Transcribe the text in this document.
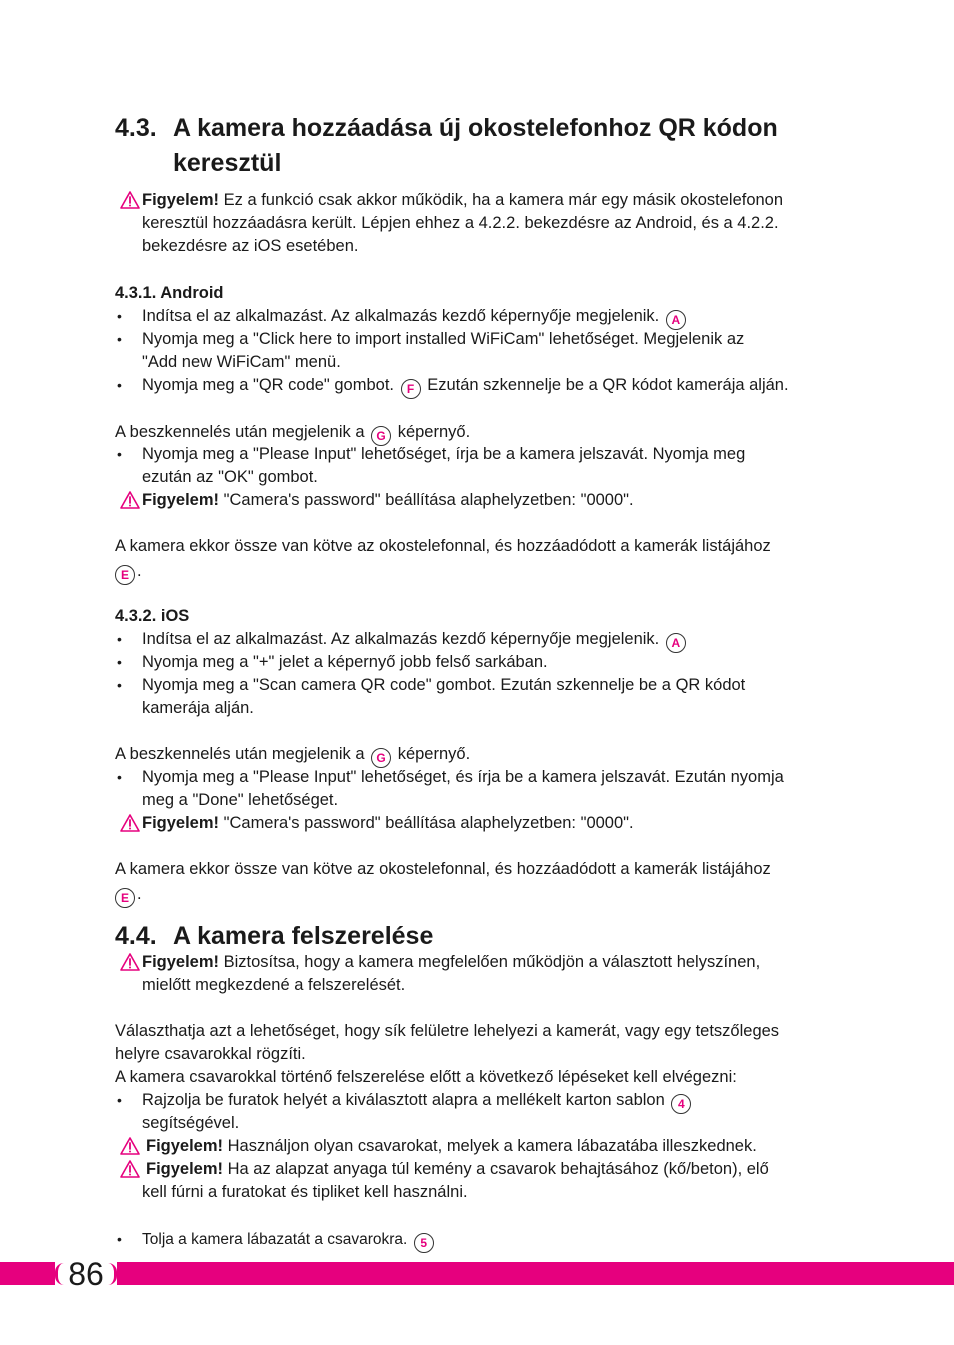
4.3. A kamera hozzáadása új okostelefonhoz QR kódon
keresztül
Figyelem! Ez a funkció csak akkor működik, ha a kamera már egy másik okostelefonon
keresztül hozzáadásra került. Lépjen ehhez a 4.2.2. bekezdésre az Android, és a 4.2.2.
bekezdésre az iOS esetében.
4.3.1. Android
• Indítsa el az alkalmazást. Az alkalmazás kezdő képernyője megjelenik. A
• Nyomja meg a "Click here to import installed WiFiCam" lehetőséget. Megjelenik az
"Add new WiFiCam" menü.
• Nyomja meg a "QR code" gombot. F Ezután szkennelje be a QR kódot kamerája alján.
A beszkennelés után megjelenik a G képernyő.
• Nyomja meg a "Please Input" lehetőséget, írja be a kamera jelszavát. Nyomja meg
ezután az "OK" gombot.
Figyelem! "Camera's password" beállítása alaphelyzetben: "0000".
A kamera ekkor össze van kötve az okostelefonnal, és hozzáadódott a kamerák listájához
E .
4.3.2. iOS
• Indítsa el az alkalmazást. Az alkalmazás kezdő képernyője megjelenik. A
• Nyomja meg a "+" jelet a képernyő jobb felső sarkában.
• Nyomja meg a "Scan camera QR code" gombot. Ezután szkennelje be a QR kódot
kamerája alján.
A beszkennelés után megjelenik a G képernyő.
• Nyomja meg a "Please Input" lehetőséget, és írja be a kamera jelszavát. Ezután nyomja
meg a "Done" lehetőséget.
Figyelem! "Camera's password" beállítása alaphelyzetben: "0000".
A kamera ekkor össze van kötve az okostelefonnal, és hozzáadódott a kamerák listájához
E .
4.4. A kamera felszerelése
Figyelem! Biztosítsa, hogy a kamera megfelelően működjön a választott helyszínen,
mielőtt megkezdené a felszerelését.
Választhatja azt a lehetőséget, hogy sík felületre lehelyezi a kamerát, vagy egy tetszőleges
helyre csavarokkal rögzíti.
A kamera csavarokkal történő felszerelése előtt a következő lépéseket kell elvégezni:
• Rajzolja be furatok helyét a kiválasztott alapra a mellékelt karton sablon 4
segítségével.
Figyelem! Használjon olyan csavarokat, melyek a kamera lábazatába illeszkednek.
Figyelem! Ha az alapzat anyaga túl kemény a csavarok behajtásához (kő/beton), elő
kell fúrni a furatokat és tipliket kell használni.
• Tolja a kamera lábazatát a csavarokra. 5
86
